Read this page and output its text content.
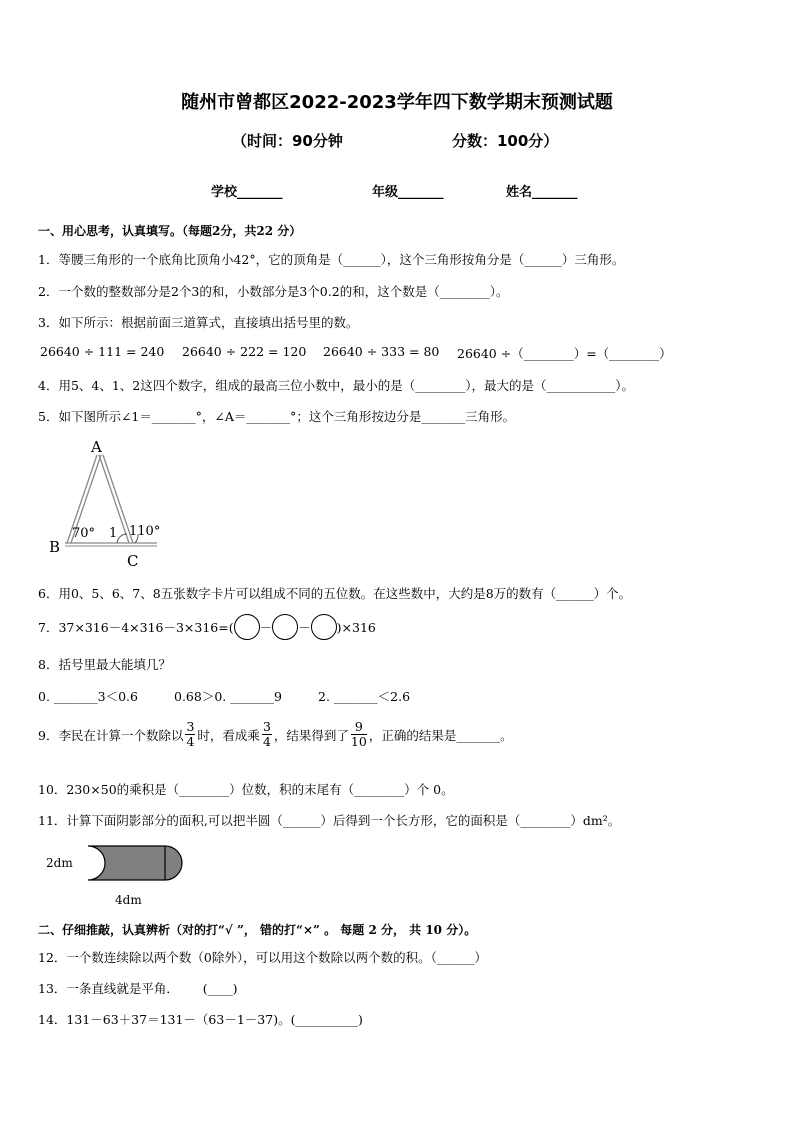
随州市曾都区2022-2023学年四下数学期末预测试题
（时间：90分钟	分数：100分）
学校_______	年级_______	姓名_______
一、用心思考，认真填写。（每题2分，共22 分）
1．等腰三角形的一个底角比顶角小42°，它的顶角是（______），这个三角形按角分是（______）三角形。
2．一个数的整数部分是2个3的和，小数部分是3个0.2的和，这个数是（________）。
3．如下所示：根据前面三道算式，直接填出括号里的数。
26640 ÷ 111 = 240 26640 ÷ 222 = 120 26640 ÷ 333 = 80 26640 ÷（________）=（________）
4．用5、4、1、2这四个数字，组成的最高三位小数中，最小的是（________），最大的是（___________）。
5．如下图所示∠1＝_______°，∠A＝_______°；这个三角形按边分是_______三角形。
A
B
C
70° 1 110°
6．用0、5、6、7、8五张数字卡片可以组成不同的五位数。在这些数中，大约是8万的数有（______）个。
7．37×316－4×316－3×316=( － － )×316
8．括号里最大能填几？
0. _______3＜0.6	0.68＞0. _______9	2. _______＜2.6
9．李民在计算一个数除以 $\frac{3}{4}$ 时，看成乘 $\frac{3}{4}$ ，结果得到了 $\frac{9}{10}$ ，正确的结果是_______。
10．230×50的乘积是（________）位数，积的末尾有（________）个 0。
11．计算下面阴影部分的面积,可以把半圆（______）后得到一个长方形，它的面积是（________）dm²。
2dm
4dm
二、仔细推敲，认真辨析（对的打“√ ”， 错的打“×” 。 每题 2 分， 共 10 分）。
12．一个数连续除以两个数（0除外），可以用这个数除以两个数的积。（______）
13．一条直线就是平角．      (____)
14．131－63＋37＝131－（63－1－37)。(__________)
